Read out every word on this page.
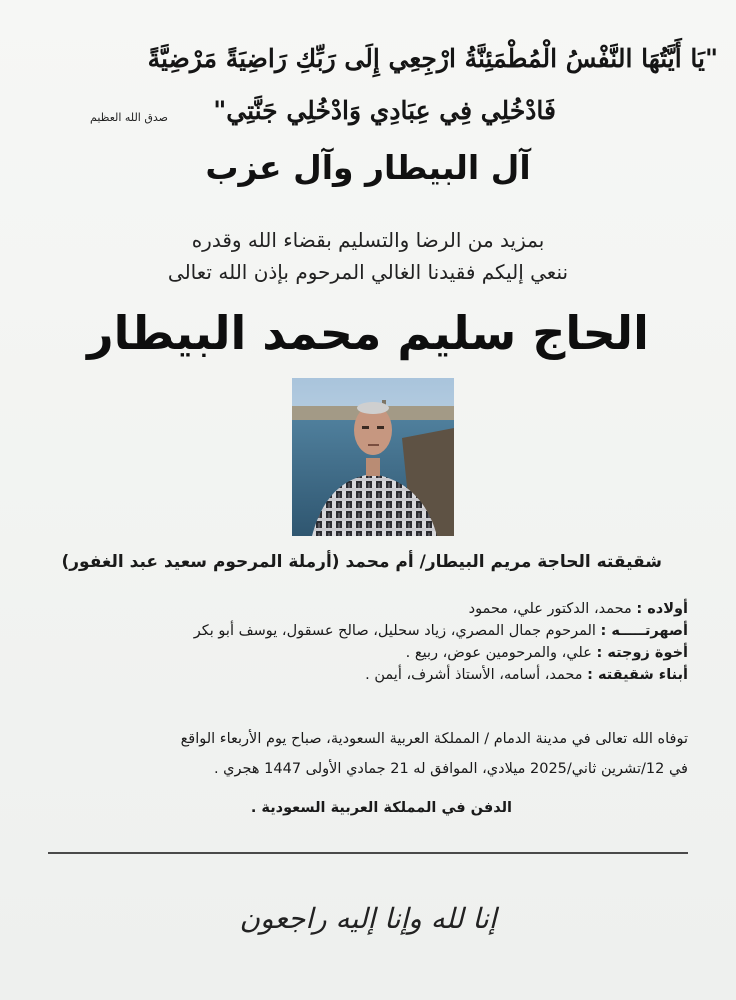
"يَا أَيَّتُهَا النَّفْسُ الْمُطْمَئِنَّةُ ارْجِعِي إِلَى رَبِّكِ رَاضِيَةً مَرْضِيَّةً
فَادْخُلِي فِي عِبَادِي وَادْخُلِي جَنَّتِي"
صدق الله العظيم
آل البيطار وآل عزب
بمزيد من الرضا والتسليم بقضاء الله وقدره
ننعي إليكم فقيدنا الغالي المرحوم بإذن الله تعالى
الحاج سليم محمد البيطار
شقيقته الحاجة مريم البيطار/ أم محمد (أرملة المرحوم سعيد عبد الغفور)
أولاده : محمد، الدكتور علي، محمود
أصهرتـــــه : المرحوم جمال المصري، زياد سحليل، صالح عسقول، يوسف أبو بكر
أخوة زوجته : علي، والمرحومين عوض، ربيع .
أبناء شقيقته : محمد، أسامه، الأستاذ أشرف، أيمن .
توفاه الله تعالى في مدينة الدمام / المملكة العربية السعودية، صباح يوم الأربعاء الواقع
في 12/تشرين ثاني/2025 ميلادي، الموافق له 21 جمادي الأولى 1447 هجري .
الدفن في المملكة العربية السعودية .
إنا لله وإنا إليه راجعون
